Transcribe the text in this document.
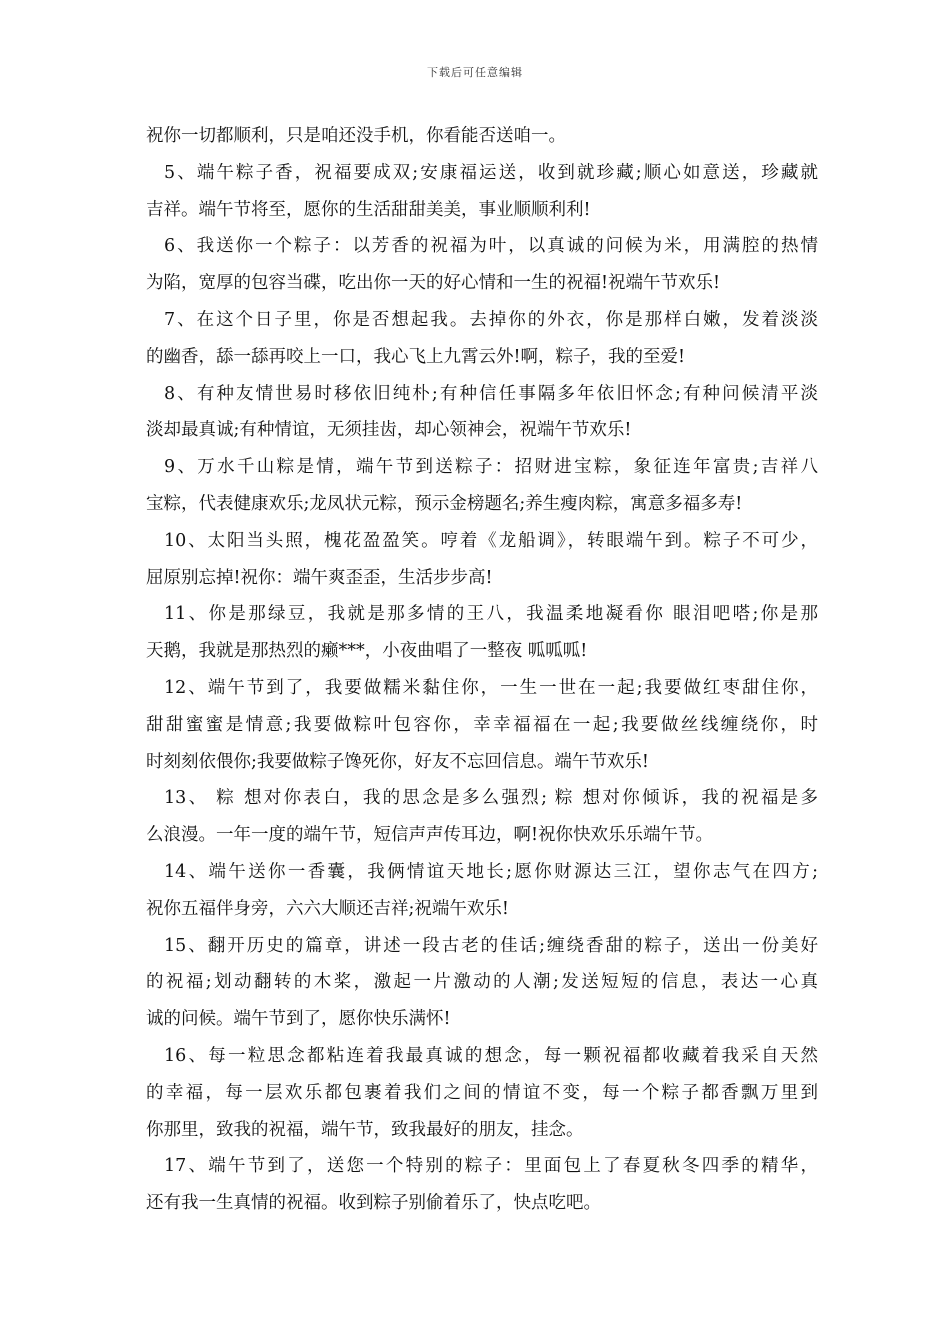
下载后可任意编辑
祝你一切都顺利，只是咱还没手机，你看能否送咱一。
5、端午粽子香，祝福要成双;安康福运送，收到就珍藏;顺心如意送，珍藏就
吉祥。端午节将至，愿你的生活甜甜美美，事业顺顺利利!
6、我送你一个粽子：以芳香的祝福为叶，以真诚的问候为米，用满腔的热情
为陷，宽厚的包容当碟，吃出你一天的好心情和一生的祝福!祝端午节欢乐!
7、在这个日子里，你是否想起我。去掉你的外衣，你是那样白嫩，发着淡淡
的幽香，舔一舔再咬上一口，我心飞上九霄云外!啊，粽子，我的至爱!
8、有种友情世易时移依旧纯朴;有种信任事隔多年依旧怀念;有种问候清平淡
淡却最真诚;有种情谊，无须挂齿，却心领神会，祝端午节欢乐!
9、万水千山粽是情，端午节到送粽子：招财进宝粽，象征连年富贵;吉祥八
宝粽，代表健康欢乐;龙凤状元粽，预示金榜题名;养生瘦肉粽，寓意多福多寿!
10、太阳当头照，槐花盈盈笑。哼着《龙船调》，转眼端午到。粽子不可少，
屈原别忘掉!祝你：端午爽歪歪，生活步步高!
11、你是那绿豆，我就是那多情的王八，我温柔地凝看你 眼泪吧嗒;你是那
天鹅，我就是那热烈的癞***，小夜曲唱了一整夜 呱呱呱!
12、端午节到了，我要做糯米黏住你，一生一世在一起;我要做红枣甜住你，
甜甜蜜蜜是情意;我要做粽叶包容你，幸幸福福在一起;我要做丝线缠绕你，时
时刻刻依偎你;我要做粽子馋死你，好友不忘回信息。端午节欢乐!
13、 粽 想对你表白，我的思念是多么强烈; 粽 想对你倾诉，我的祝福是多
么浪漫。一年一度的端午节，短信声声传耳边，啊!祝你快欢乐乐端午节。
14、端午送你一香囊，我俩情谊天地长;愿你财源达三江，望你志气在四方;
祝你五福伴身旁，六六大顺还吉祥;祝端午欢乐!
15、翻开历史的篇章，讲述一段古老的佳话;缠绕香甜的粽子，送出一份美好
的祝福;划动翻转的木桨，激起一片激动的人潮;发送短短的信息，表达一心真
诚的问候。端午节到了，愿你快乐满怀!
16、每一粒思念都粘连着我最真诚的想念，每一颗祝福都收藏着我采自天然
的幸福，每一层欢乐都包裹着我们之间的情谊不变，每一个粽子都香飘万里到
你那里，致我的祝福，端午节，致我最好的朋友，挂念。
17、端午节到了，送您一个特别的粽子：里面包上了春夏秋冬四季的精华，
还有我一生真情的祝福。收到粽子别偷着乐了，快点吃吧。
